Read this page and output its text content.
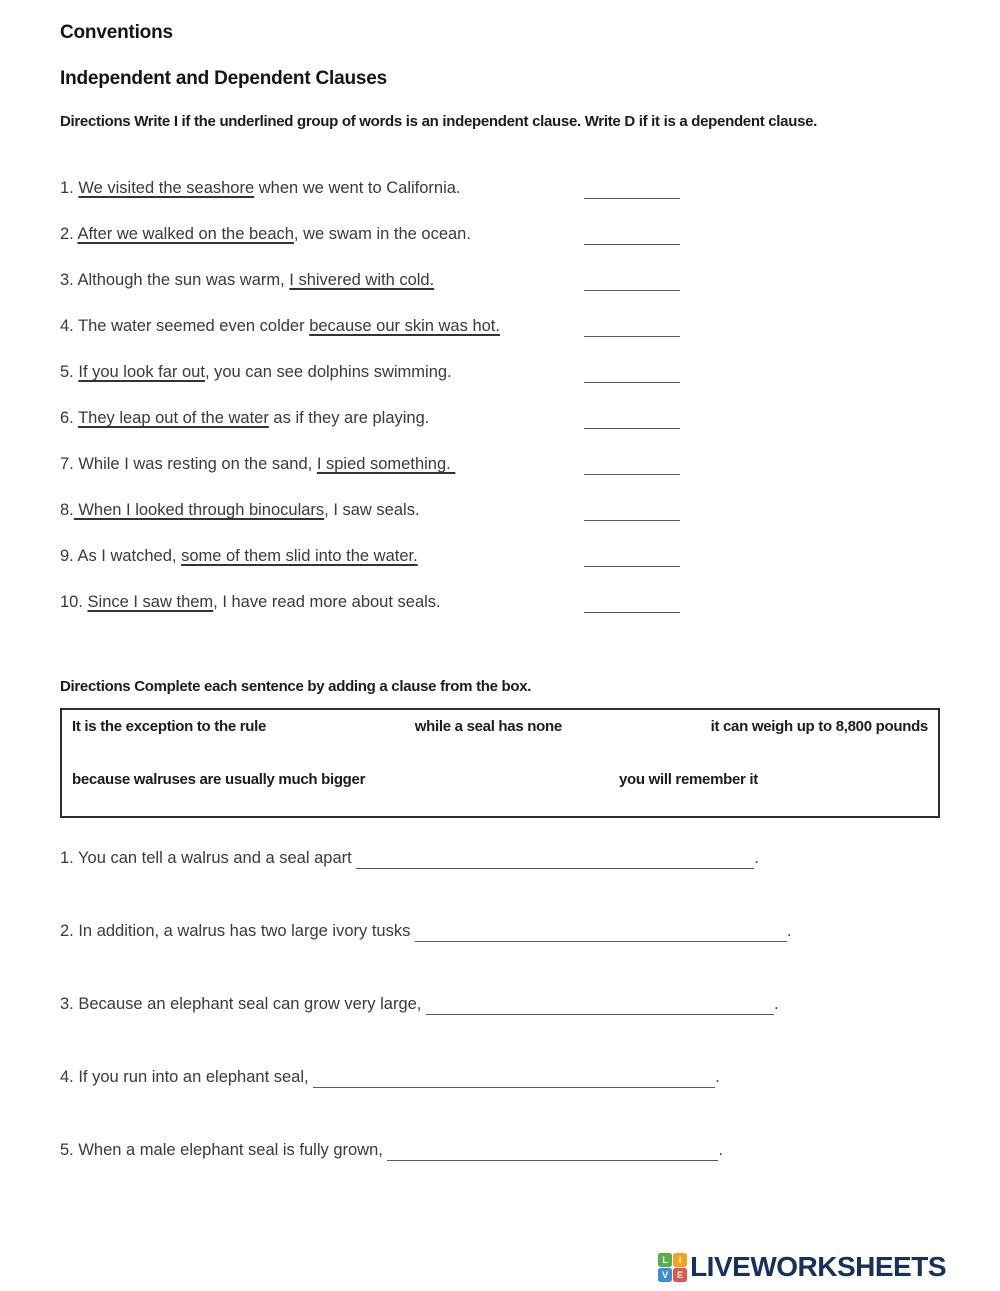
Conventions
Independent and Dependent Clauses

Directions Write I if the underlined group of words is an independent clause. Write D if it is a dependent clause.

1. We visited the seashore when we went to California.

2. After we walked on the beach, we swam in the ocean.

3. Although the sun was warm, I shivered with cold.

4. The water seemed even colder because our skin was hot.

5. If you look far out, you can see dolphins swimming.

6. They leap out of the water as if they are playing.

7. While I was resting on the sand, I spied something.

8. When I looked through binoculars, I saw seals.

9. As I watched, some of them slid into the water.

10. Since I saw them, I have read more about seals.

Directions Complete each sentence by adding a clause from the box.

It is the exception to the rule	while a seal has none	it can weigh up to 8,800 pounds
because walruses are usually much bigger	you will remember it
1. You can tell a walrus and a seal apart
	.
2. In addition, a walrus has two large ivory tusks
	.
3. Because an elephant seal can grow very large,
	.
4. If you run into an elephant seal,
	.
5. When a male elephant seal is fully grown,
	.
L	I
V E LIVEWORKSHEETS
